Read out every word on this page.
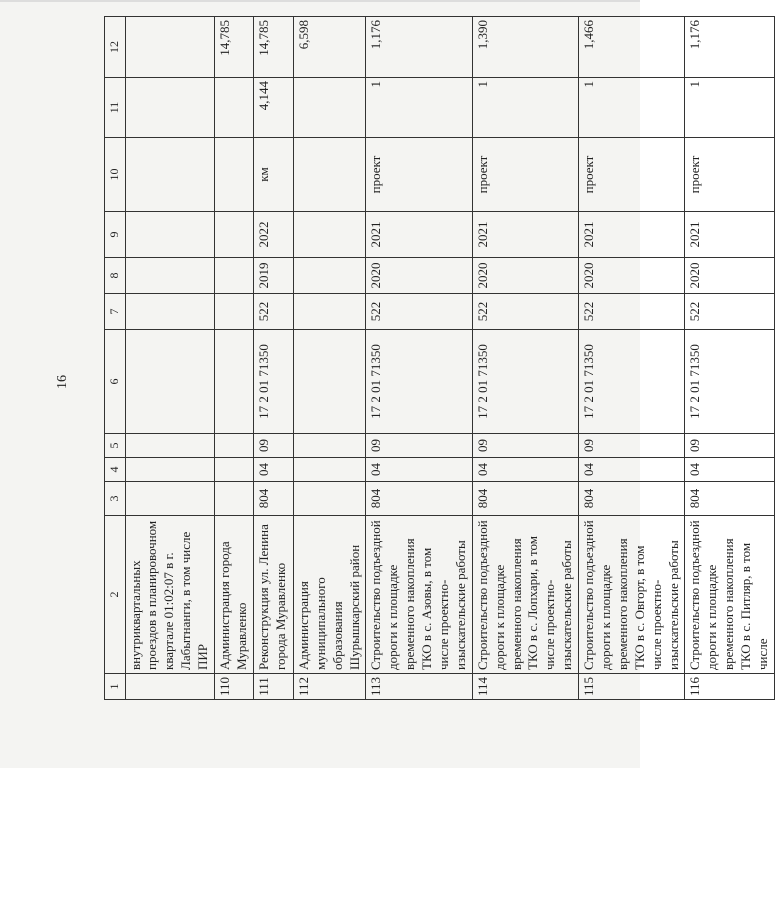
16
1	2	3	4	5	6	7	8	9	10	11	12
	внутриквартальных проездов в планировочном квартале 01:02:07 в г. Лабытнанги, в том числе ПИР										
110	Администрация города Муравленко										14,785
111	Реконструкция ул. Ленина города Муравленко	804	04	09	17 2 01 71350	522	2019	2022	км	4,144	14,785
112	Администрация муниципального образования Шурышкарский район										6,598
113	Строительство подъездной дороги к площадке временного накопления ТКО в с. Азовы, в том числе проектно-изыскательские работы	804	04	09	17 2 01 71350	522	2020	2021	проект	1	1,176
114	Строительство подъездной дороги к площадке временного накопления ТКО в с. Лопхари, в том числе проектно-изыскательские работы	804	04	09	17 2 01 71350	522	2020	2021	проект	1	1,390
115	Строительство подъездной дороги к площадке временного накопления ТКО в с. Овгорт, в том числе проектно-изыскательские работы	804	04	09	17 2 01 71350	522	2020	2021	проект	1	1,466
116	Строительство подъездной дороги к площадке временного накопления ТКО в с. Питляр, в том числе	804	04	09	17 2 01 71350	522	2020	2021	проект	1	1,176
